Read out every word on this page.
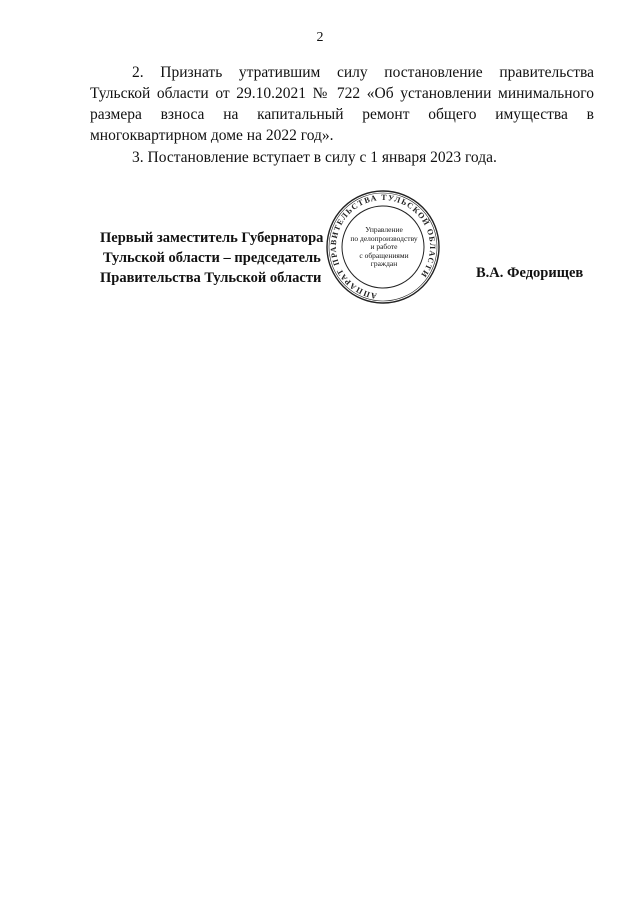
2

2. Признать утратившим силу постановление правительства Тульской области от 29.10.2021 № 722 «Об установлении минимального размера взноса на капитальный ремонт общего имущества в многоквартирном доме на 2022 год».

3. Постановление вступает в силу с 1 января 2023 года.

Первый заместитель Губернатора
Тульской области – председатель
Правительства Тульской области
АППАРАТ ПРАВИТЕЛЬСТВА ТУЛЬСКОЙ ОБЛАСТИ
Управление
по делопроизводству
и работе
с обращениями
граждан
В.А. Федорищев
